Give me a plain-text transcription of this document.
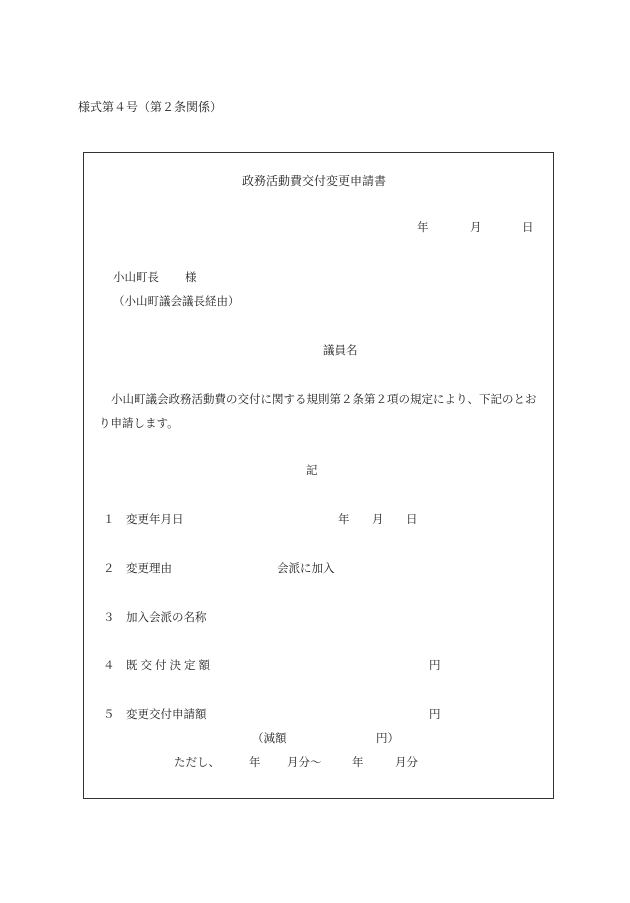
様式第４号（第２条関係）
政務活動費交付変更申請書
年	月	日
小山町長 様
（小山町議会議長経由）
議員名
小山町議会政務活動費の交付に関する規則第２条第２項の規定により、下記のとおり申請します。
記
１ 変更年月日	年 月 日
２ 変更理由	会派に加入
３ 加入会派の名称
４ 既交付決定額	円
５ 変更交付申請額	円
（減額	円）
ただし、	年 月分～	年	月分
